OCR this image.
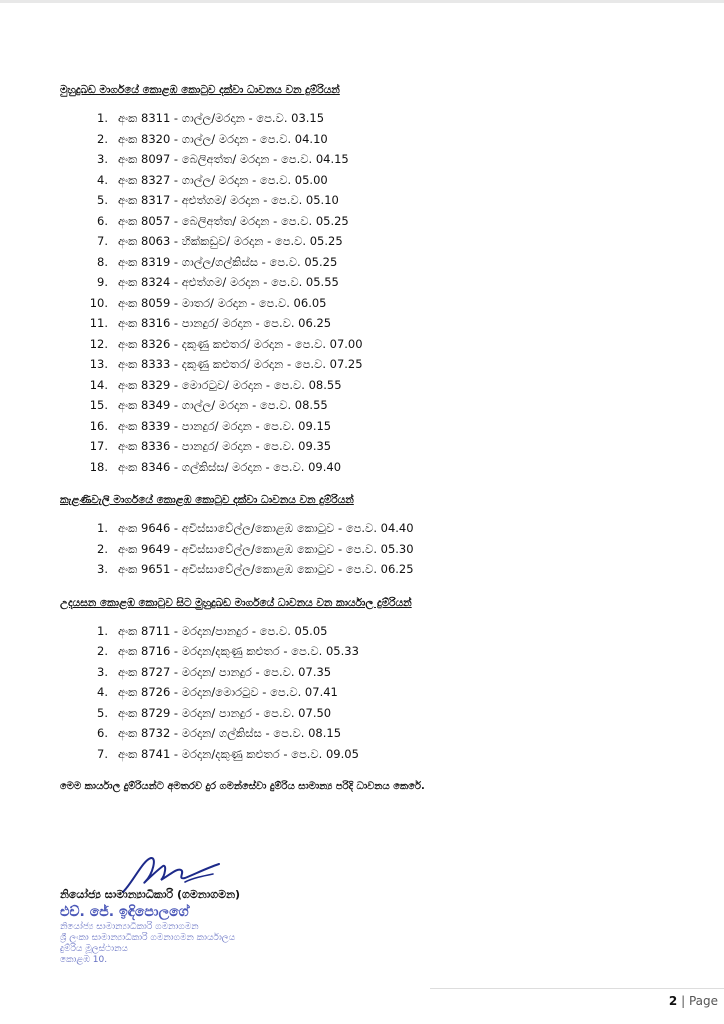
මුහුදුබඩ මාර්ගයේ කොළඹ කොටුව දක්වා ධාවනය වන දුම්රියන්
1. අංක 8311 - ගාල්ල/මරදාන - පෙ.ව. 03.15
2. අංක 8320 - ගාල්ල/ මරදාන - පෙ.ව. 04.10
3. අංක 8097 - බෙලිඅත්ත/ මරදාන - පෙ.ව. 04.15
4. අංක 8327 - ගාල්ල/ මරදාන - පෙ.ව. 05.00
5. අංක 8317 - අළුත්ගම/ මරදාන - පෙ.ව. 05.10
6. අංක 8057 - බෙලිඅත්ත/ මරදාන - පෙ.ව. 05.25
7. අංක 8063 - හික්කඩුව/ මරදාන - පෙ.ව. 05.25
8. අංක 8319 - ගාල්ල/ගල්කිස්ස - පෙ.ව. 05.25
9. අංක 8324 - අළුත්ගම/ මරදාන - පෙ.ව. 05.55
10. අංක 8059 - මාතර/ මරදාන - පෙ.ව. 06.05
11. අංක 8316 - පානදුර/ මරදාන - පෙ.ව. 06.25
12. අංක 8326 - දකුණු කළුතර/ මරදාන - පෙ.ව. 07.00
13. අංක 8333 - දකුණු කළුතර/ මරදාන - පෙ.ව. 07.25
14. අංක 8329 - මොරටුව/ මරදාන - පෙ.ව. 08.55
15. අංක 8349 - ගාල්ල/ මරදාන - පෙ.ව. 08.55
16. අංක 8339 - පානදුර/ මරදාන - පෙ.ව. 09.15
17. අංක 8336 - පානදුර/ මරදාන - පෙ.ව. 09.35
18. අංක 8346 - ගල්කිස්ස/ මරදාන - පෙ.ව. 09.40
කැළණිවැලි මාර්ගයේ කොළඹ කොටුව දක්වා ධාවනය වන දුම්රියන්
1. අංක 9646 - අවිස්සාවේල්ල/කොළඹ කොටුව - පෙ.ව. 04.40
2. අංක 9649 - අවිස්සාවේල්ල/කොළඹ කොටුව - පෙ.ව. 05.30
3. අංක 9651 - අවිස්සාවේල්ල/කොළඹ කොටුව - පෙ.ව. 06.25
උදයසන කොළඹ කොටුව සිට මුහුදුබඩ මාර්ගයේ ධාවනය වන කාර්යාල දුම්රියන්
1. අංක 8711 - මරදාන/පානදුර - පෙ.ව. 05.05
2. අංක 8716 - මරදාන/දකුණු කළුතර - පෙ.ව. 05.33
3. අංක 8727 - මරදාන/ පානදුර - පෙ.ව. 07.35
4. අංක 8726 - මරදාන/මොරටුව - පෙ.ව. 07.41
5. අංක 8729 - මරදාන/ පානදුර - පෙ.ව. 07.50
6. අංක 8732 - මරදාන/ ගල්කිස්ස - පෙ.ව. 08.15
7. අංක 8741 - මරදාන/දකුණු කළුතර - පෙ.ව. 09.05
මෙම කාර්යාල දුම්රියන්ට අමතරව දුර ගමන්සේවා දුම්රිය සාමාන්‍ය පරිදි ධාවනය කෙරේ.
නියෝජ්‍ය සාමාන්‍යාධිකාරි (ගමනාගමන)
එච්. ජේ. ඉඳිපොලගේ
නියෝජ්‍ය සාමාන්‍යාධිකාරි ගමනාගමන
ශ්‍රී ලංකා සාමාන්‍යාධිකාරි ගමනාගමන කාර්යාලය
දුම්රිය මූලස්ථානය
කොළඹ 10.
2 | Page
